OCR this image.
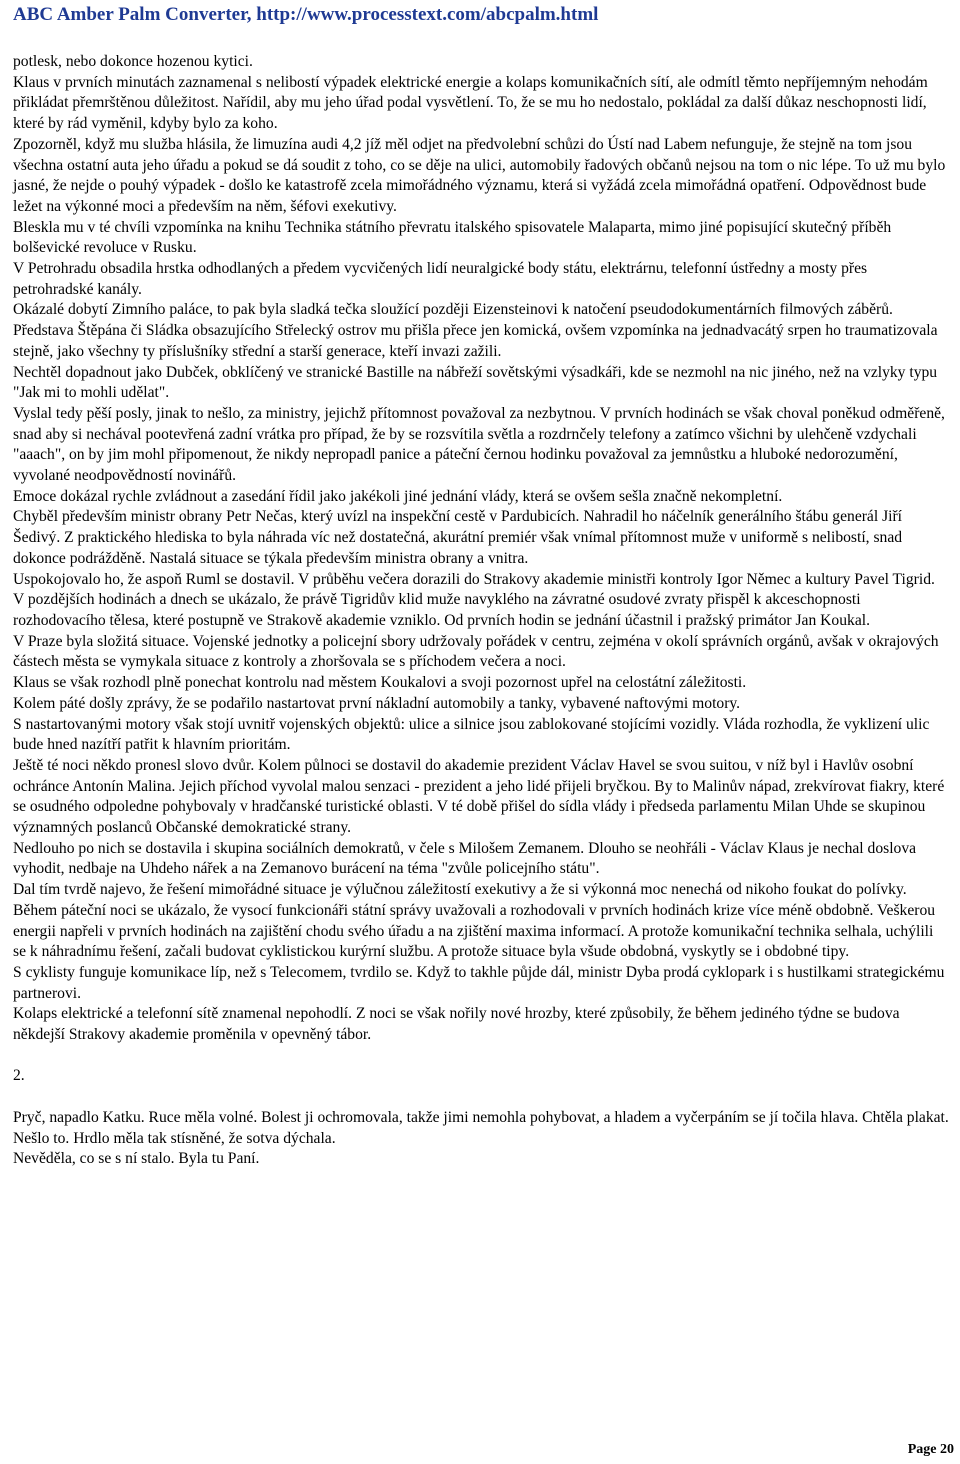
ABC Amber Palm Converter, http://www.processtext.com/abcpalm.html

potlesk, nebo dokonce hozenou kytici.

Klaus v prvních minutách zaznamenal s nelibostí výpadek elektrické energie a kolaps komunikačních sítí, ale odmítl těmto nepříjemným nehodám přikládat přemrštěnou důležitost. Nařídil, aby mu jeho úřad podal vysvětlení. To, že se mu ho nedostalo, pokládal za další důkaz neschopnosti lidí, které by rád vyměnil, kdyby bylo za koho.

Zpozorněl, když mu služba hlásila, že limuzína audi 4,2 jíž měl odjet na předvolební schůzi do Ústí nad Labem nefunguje, že stejně na tom jsou všechna ostatní auta jeho úřadu a pokud se dá soudit z toho, co se děje na ulici, automobily řadových občanů nejsou na tom o nic lépe. To už mu bylo jasné, že nejde o pouhý výpadek - došlo ke katastrofě zcela mimořádného významu, která si vyžádá zcela mimořádná opatření. Odpovědnost bude ležet na výkonné moci a především na něm, šéfovi exekutivy.

Bleskla mu v té chvíli vzpomínka na knihu Technika státního převratu italského spisovatele Malaparta, mimo jiné popisující skutečný příběh bolševické revoluce v Rusku.

V Petrohradu obsadila hrstka odhodlaných a předem vycvičených lidí neuralgické body státu, elektrárnu, telefonní ústředny a mosty přes petrohradské kanály.

Okázalé dobytí Zimního paláce, to pak byla sladká tečka sloužící později Eizensteinovi k natočení pseudodokumentárních filmových záběrů.

Představa Štěpána či Sládka obsazujícího Střelecký ostrov mu přišla přece jen komická, ovšem vzpomínka na jednadvacátý srpen ho traumatizovala stejně, jako všechny ty příslušníky střední a starší generace, kteří invazi zažili.

Nechtěl dopadnout jako Dubček, obklíčený ve stranické Bastille na nábřeží sovětskými výsadkáři, kde se nezmohl na nic jiného, než na vzlyky typu "Jak mi to mohli udělat".

Vyslal tedy pěší posly, jinak to nešlo, za ministry, jejichž přítomnost považoval za nezbytnou. V prvních hodinách se však choval poněkud odměřeně, snad aby si nechával pootevřená zadní vrátka pro případ, že by se rozsvítila světla a rozdrnčely telefony a zatímco všichni by ulehčeně vzdychali "aaach", on by jim mohl připomenout, že nikdy nepropadl panice a páteční černou hodinku považoval za jemnůstku a hluboké nedorozumění, vyvolané neodpovědností novinářů.

Emoce dokázal rychle zvládnout a zasedání řídil jako jakékoli jiné jednání vlády, která se ovšem sešla značně nekompletní.

Chyběl především ministr obrany Petr Nečas, který uvízl na inspekční cestě v Pardubicích. Nahradil ho náčelník generálního štábu generál Jiří Šedivý. Z praktického hlediska to byla náhrada víc než dostatečná, akurátní premiér však vnímal přítomnost muže v uniformě s nelibostí, snad dokonce podrážděně. Nastalá situace se týkala především ministra obrany a vnitra.

Uspokojovalo ho, že aspoň Ruml se dostavil. V průběhu večera dorazili do Strakovy akademie ministři kontroly Igor Němec a kultury Pavel Tigrid. V pozdějších hodinách a dnech se ukázalo, že právě Tigridův klid muže navyklého na závratné osudové zvraty přispěl k akceschopnosti rozhodovacího tělesa, které postupně ve Strakově akademie vzniklo. Od prvních hodin se jednání účastnil i pražský primátor Jan Koukal.

V Praze byla složitá situace. Vojenské jednotky a policejní sbory udržovaly pořádek v centru, zejména v okolí správních orgánů, avšak v okrajových částech města se vymykala situace z kontroly a zhoršovala se s příchodem večera a noci.

Klaus se však rozhodl plně ponechat kontrolu nad městem Koukalovi a svoji pozornost upřel na celostátní záležitosti.

Kolem páté došly zprávy, že se podařilo nastartovat první nákladní automobily a tanky, vybavené naftovými motory.

S nastartovanými motory však stojí uvnitř vojenských objektů: ulice a silnice jsou zablokované stojícími vozidly. Vláda rozhodla, že vyklizení ulic bude hned nazítří patřit k hlavním prioritám.

Ještě té noci někdo pronesl slovo dvůr. Kolem půlnoci se dostavil do akademie prezident Václav Havel se svou suitou, v níž byl i Havlův osobní ochránce Antonín Malina. Jejich příchod vyvolal malou senzaci - prezident a jeho lidé přijeli bryčkou. By to Malinův nápad, zrekvírovat fiakry, které se osudného odpoledne pohybovaly v hradčanské turistické oblasti. V té době přišel do sídla vlády i předseda parlamentu Milan Uhde se skupinou významných poslanců Občanské demokratické strany.

Nedlouho po nich se dostavila i skupina sociálních demokratů, v čele s Milošem Zemanem. Dlouho se neohřáli - Václav Klaus je nechal doslova vyhodit, nedbaje na Uhdeho nářek a na Zemanovo burácení na téma "zvůle policejního státu".

Dal tím tvrdě najevo, že řešení mimořádné situace je výlučnou záležitostí exekutivy a že si výkonná moc nenechá od nikoho foukat do polívky.

Během páteční noci se ukázalo, že vysocí funkcionáři státní správy uvažovali a rozhodovali v prvních hodinách krize více méně obdobně. Veškerou energii napřeli v prvních hodinách na zajištění chodu svého úřadu a na zjištění maxima informací. A protože komunikační technika selhala, uchýlili se k náhradnímu řešení, začali budovat cyklistickou kurýrní službu. A protože situace byla všude obdobná, vyskytly se i obdobné tipy.

S cyklisty funguje komunikace líp, než s Telecomem, tvrdilo se. Když to takhle půjde dál, ministr Dyba prodá cyklopark i s hustilkami strategickému partnerovi.

Kolaps elektrické a telefonní sítě znamenal nepohodlí. Z noci se však nořily nové hrozby, které způsobily, že během jediného týdne se budova někdejší Strakovy akademie proměnila v opevněný tábor.

2.

Pryč, napadlo Katku. Ruce měla volné. Bolest ji ochromovala, takže jimi nemohla pohybovat, a hladem a vyčerpáním se jí točila hlava. Chtěla plakat. Nešlo to. Hrdlo měla tak stísněné, že sotva dýchala.

Nevěděla, co se s ní stalo. Byla tu Paní.

Page 20
